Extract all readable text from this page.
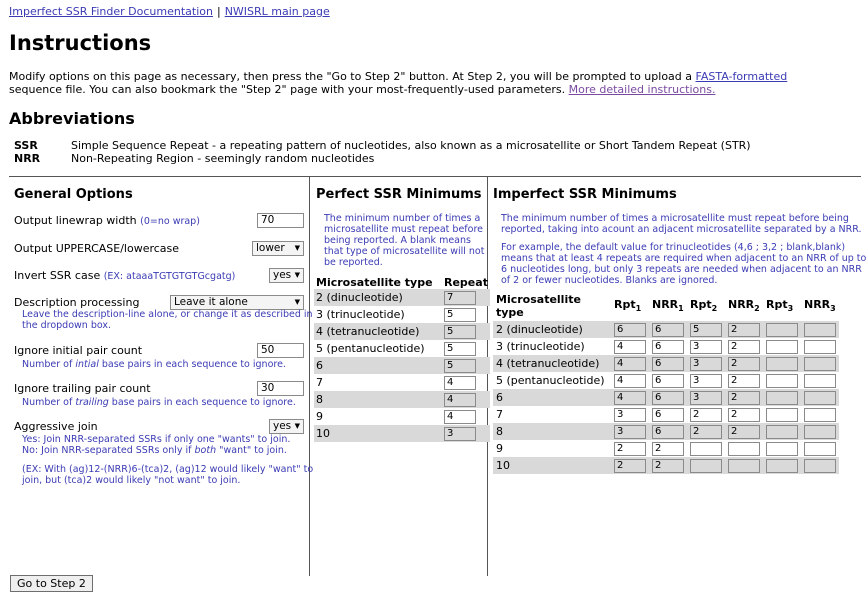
Imperfect SSR Finder Documentation | NWISRL main page
Instructions
Modify options on this page as necessary, then press the "Go to Step 2" button. At Step 2, you will be prompted to upload a FASTA-formatted sequence file. You can also bookmark the "Step 2" page with your most-frequently-used parameters. More detailed instructions.
Abbreviations
SSR	Simple Sequence Repeat - a repeating pattern of nucleotides, also known as a microsatellite or Short Tandem Repeat (STR)
NRR	Non-Repeating Region - seemingly random nucleotides
General Options
Output linewrap width (0=no wrap)	70
Output UPPERCASE/lowercase	lower ▼
Invert SSR case (EX: ataaaTGTGTGTGcgatg)	yes ▼
Description processing	Leave it alone	▼
Leave the description-line alone, or change it as described in
the dropdown box.
Ignore initial pair count	50
Number of intial base pairs in each sequence to ignore.
Ignore trailing pair count	30
Number of trailing base pairs in each sequence to ignore.
Aggressive join	yes ▼
Yes: Join NRR-separated SSRs if only one "wants" to join.
No: Join NRR-separated SSRs only if both "want" to join.
(EX: With (ag)12-(NRR)6-(tca)2, (ag)12 would likely "want" to
join, but (tca)2 would likely "not want" to join.
Perfect SSR Minimums
The minimum number of times a
microsatellite must repeat before
being reported. A blank means
that type of microsatellite will not
be reported.
Microsatellite type	Repeat
2 (dinucleotide)	7

3 (trinucleotide)	5

4 (tetranucleotide)	5

5 (pentanucleotide)	5

6	5

7	4

8	4

9	4

10	3
Imperfect SSR Minimums
The minimum number of times a microsatellite must repeat before being
reported, taking into acount an adjacent microsatellite separated by a NRR.
For example, the default value for trinucleotides (4,6 ; 3,2 ; blank,blank)
means that at least 4 repeats are required when adjacent to an NRR of up to
6 nucleotides long, but only 3 repeats are needed when adjacent to an NRR
of 2 or fewer nucleotides. Blanks are ignored.
Microsatellite type	Rpt$_1$	$NRR_1$	Rpt$_2$	$NRR_2$	Rpt$_3$	$NRR_3$
2 (dinucleotide)	6	6	5	2		

3 (trinucleotide)	4	6	3	2		

4 (tetranucleotide)	4	6	3	2		

5 (pentanucleotide)	4	6	3	2		

6	4	6	3	2		

7	3	6	2	2		

8	3	6	2	2		

9	2	2				

10	2	2				

Go to Step 2
